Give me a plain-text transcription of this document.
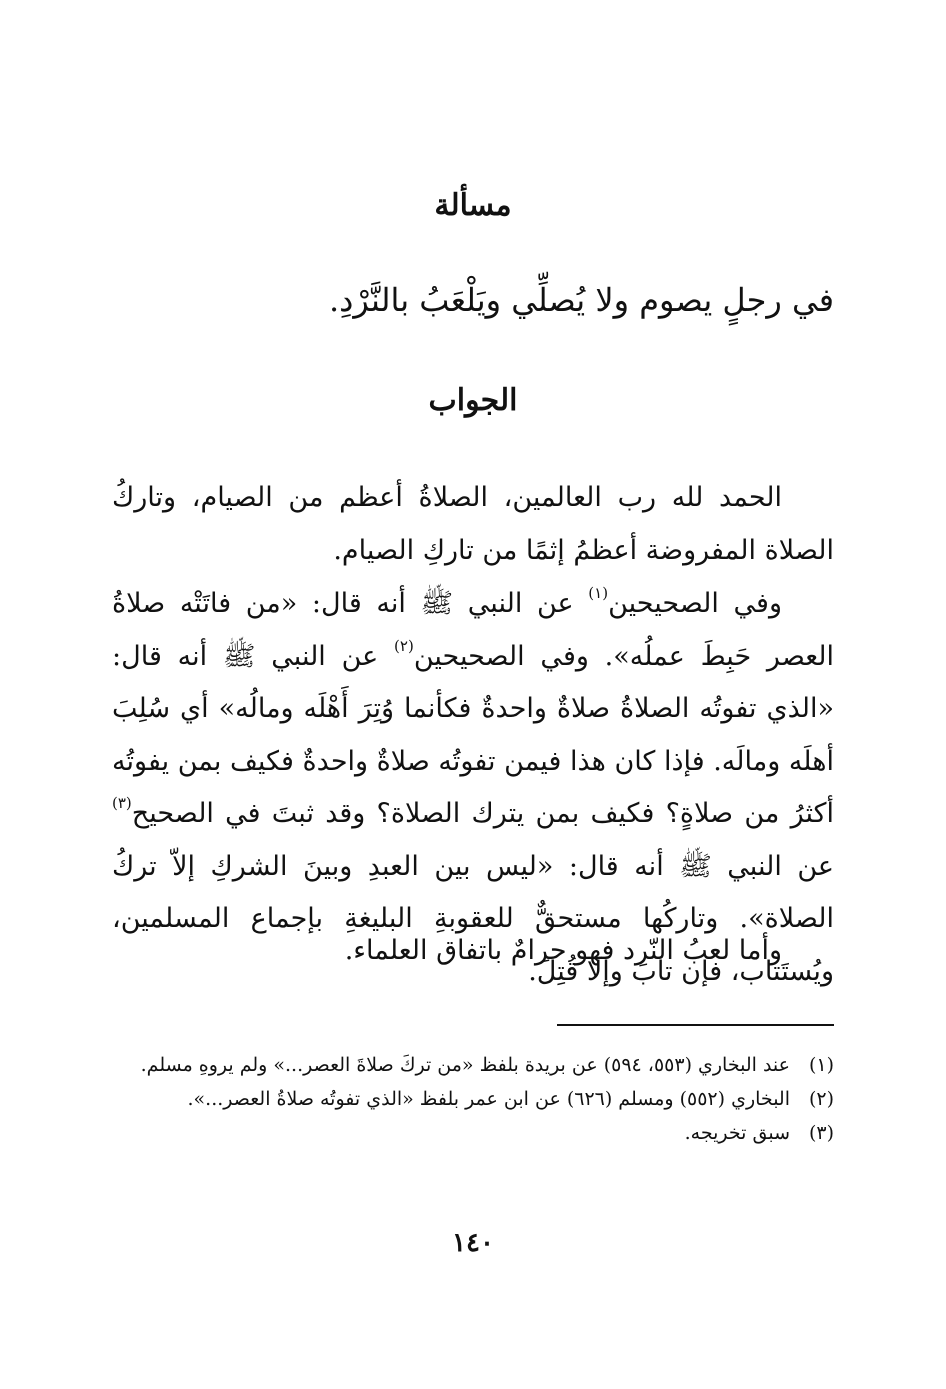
مسألة
في رجلٍ يصوم ولا يُصلِّي ويَلْعَبُ بالنَّرْدِ.
الجواب
الحمد لله رب العالمين، الصلاةُ أعظم من الصيام، وتاركُ الصلاة المفروضة أعظمُ إثمًا من تاركِ الصيام.
وفي الصحيحين$^{(١)}$ عن النبي ﷺ أنه قال: «من فاتَتْه صلاةُ العصر حَبِطَ عملُه». وفي الصحيحين$^{(٢)}$ عن النبي ﷺ أنه قال: «الذي تفوتُه الصلاةُ صلاةٌ واحدةٌ فكأنما وُتِرَ أَهْلَه ومالُه» أي سُلِبَ أهلَه ومالَه. فإذا كان هذا فيمن تفوتُه صلاةٌ واحدةٌ فكيف بمن يفوتُه أكثرُ من صلاةٍ؟ فكيف بمن يترك الصلاة؟ وقد ثبتَ في الصحيح$^{(٣)}$ عن النبي ﷺ أنه قال: «ليس بين العبدِ وبينَ الشركِ إلاّ تركُ الصلاة». وتاركُها مستحقٌّ للعقوبةِ البليغةِ بإجماع المسلمين، ويُستَتاب، فإن تابَ وإلا قُتِلَ.
وأما لعبُ النّرد فهو حرامٌ باتفاق العلماء.
(١)
عند البخاري (٥٥٣، ٥٩٤) عن بريدة بلفظ «من تركَ صلاةَ العصر...» ولم يروهِ مسلم.
(٢)
البخاري (٥٥٢) ومسلم (٦٢٦) عن ابن عمر بلفظ «الذي تفوتُه صلاةُ العصر...».
(٣)
سبق تخريجه.
١٤٠
